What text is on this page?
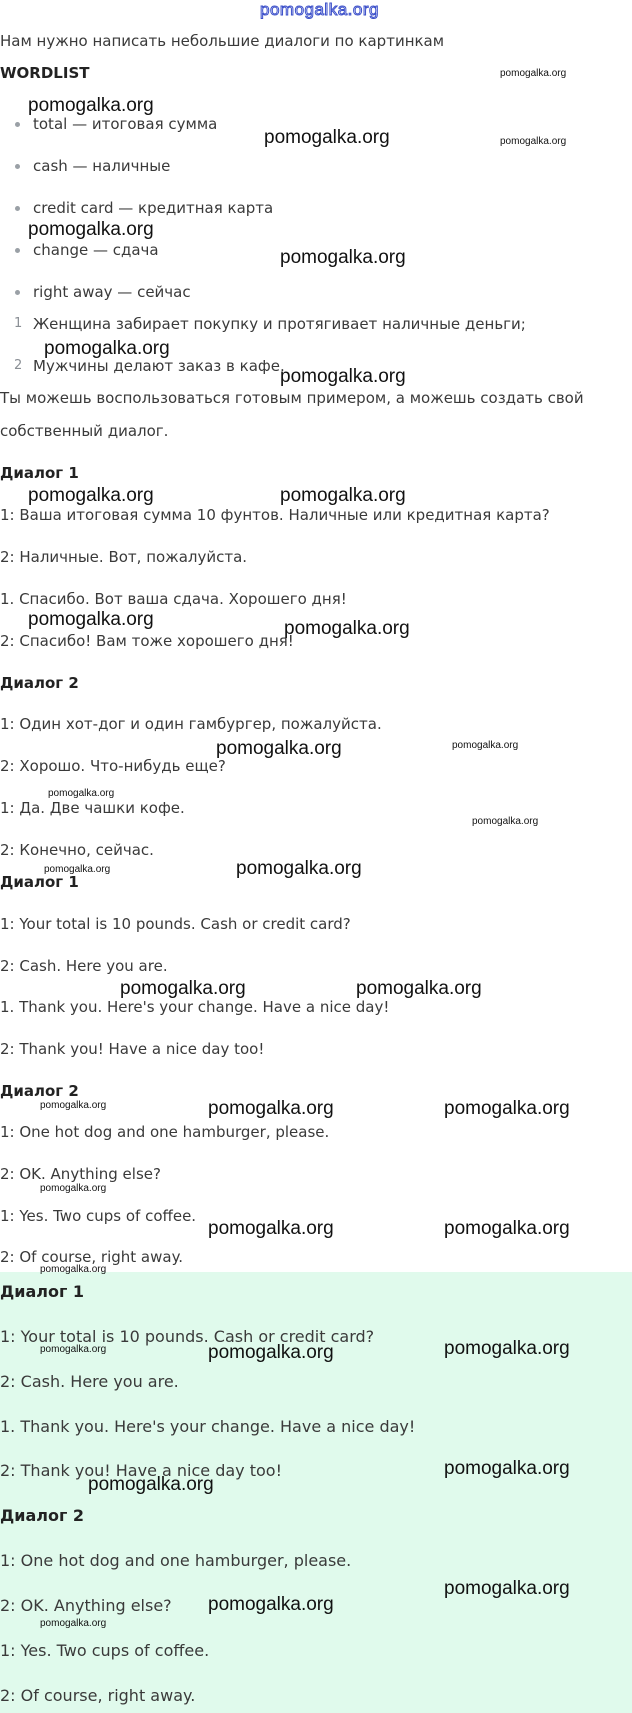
pomogalka.org
Нам нужно написать небольшие диалоги по картинкам
WORDLIST
total — итоговая сумма
cash — наличные
credit card — кредитная карта
change — сдача
right away — сейчас
1 Женщина забирает покупку и протягивает наличные деньги;
2 Мужчины делают заказ в кафе.
Ты можешь воспользоваться готовым примером, а можешь создать свой
собственный диалог.
Диалог 1
1: Ваша итоговая сумма 10 фунтов. Наличные или кредитная карта?
2: Наличные. Вот, пожалуйста.
1. Спасибо. Вот ваша сдача. Хорошего дня!
2: Спасибо! Вам тоже хорошего дня!
Диалог 2
1: Один хот-дог и один гамбургер, пожалуйста.
2: Хорошо. Что-нибудь еще?
1: Да. Две чашки кофе.
2: Конечно, сейчас.
Диалог 1
1: Your total is 10 pounds. Cash or credit card?
2: Cash. Here you are.
1. Thank you. Here's your change. Have a nice day!
2: Thank you! Have a nice day too!
Диалог 2
1: One hot dog and one hamburger, please.
2: OK. Anything else?
1: Yes. Two cups of coffee.
2: Of course, right away.
Диалог 1
1: Your total is 10 pounds. Cash or credit card?
2: Cash. Here you are.
1. Thank you. Here's your change. Have a nice day!
2: Thank you! Have a nice day too!
Диалог 2
1: One hot dog and one hamburger, please.
2: OK. Anything else?
1: Yes. Two cups of coffee.
2: Of course, right away.
pomogalka.org
pomogalka.org
pomogalka.org	pomogalka.org
pomogalka.org
pomogalka.org
pomogalka.org
pomogalka.org
pomogalka.org	pomogalka.org
pomogalka.org	pomogalka.org
pomogalka.org	pomogalka.org
pomogalka.org
pomogalka.org
pomogalka.org	pomogalka.org
pomogalka.org	pomogalka.org
pomogalka.org	pomogalka.org	pomogalka.org
pomogalka.org
pomogalka.org	pomogalka.org
pomogalka.org
pomogalka.org	pomogalka.org	pomogalka.org
pomogalka.org
pomogalka.org
pomogalka.org
pomogalka.org
pomogalka.org
